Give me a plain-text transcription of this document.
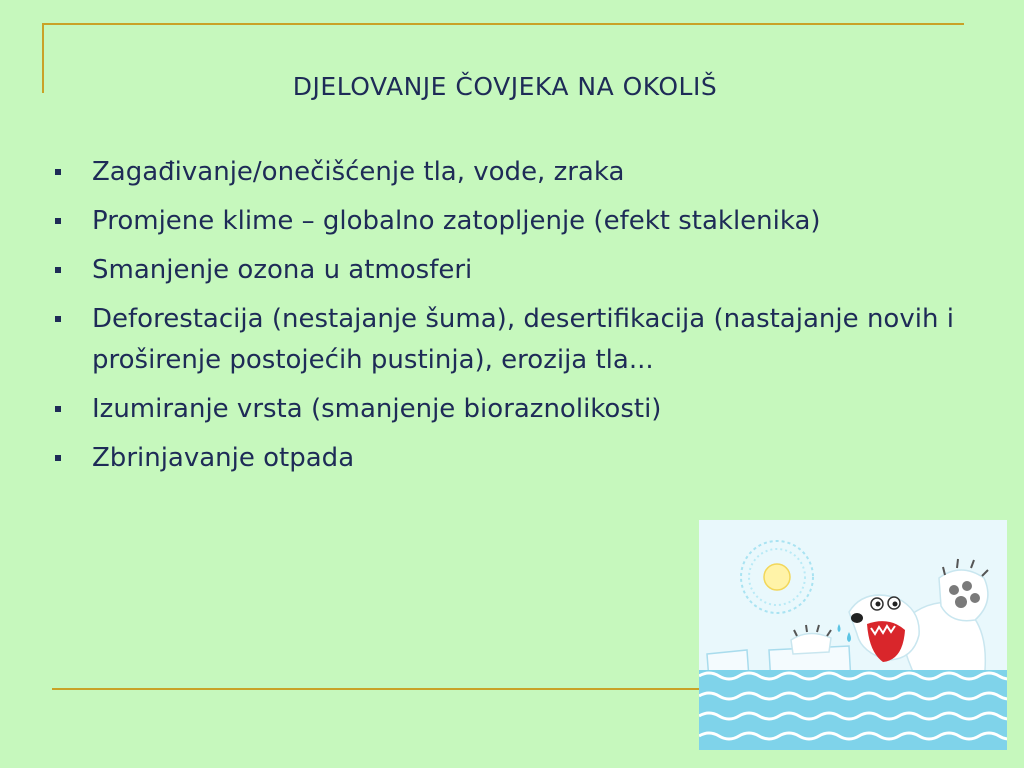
DJELOVANJE ČOVJEKA NA OKOLIŠ
Zagađivanje/onečišćenje tla, vode, zraka
Promjene klime – globalno zatopljenje (efekt staklenika)
Smanjenje ozona u atmosferi
Deforestacija (nestajanje šuma), desertifikacija (nastajanje novih i proširenje postojećih pustinja), erozija tla...
Izumiranje vrsta (smanjenje bioraznolikosti)
Zbrinjavanje otpada
